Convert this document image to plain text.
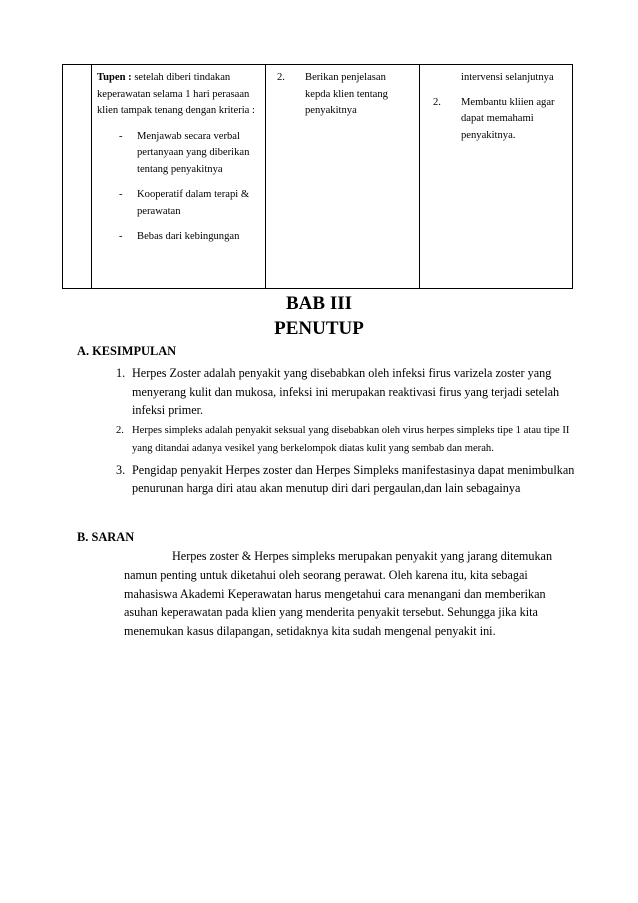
Tupen : setelah diberi tindakan keperawatan selama 1 hari perasaan klien tampak tenang dengan kriteria :
- Menjawab secara verbal pertanyaan yang diberikan tentang penyakitnya
- Kooperatif dalam terapi & perawatan
- Bebas dari kebingungan
2. Berikan penjelasan kepda klien tentang penyakitnya
intervensi selanjutnya
2. Membantu kliien agar dapat memahami penyakitnya.
BAB III
PENUTUP
A. KESIMPULAN
1. Herpes Zoster adalah penyakit yang disebabkan oleh infeksi firus varizela zoster yang menyerang kulit dan mukosa, infeksi ini merupakan reaktivasi firus yang terjadi setelah infeksi primer.
2. Herpes simpleks adalah penyakit seksual yang disebabkan oleh virus herpes simpleks tipe 1 atau tipe II yang ditandai adanya vesikel yang berkelompok diatas kulit yang sembab dan merah.
3. Pengidap penyakit Herpes zoster dan Herpes Simpleks manifestasinya dapat menimbulkan penurunan harga diri atau akan menutup diri dari pergaulan,dan lain sebagainya
B. SARAN
Herpes zoster & Herpes simpleks merupakan penyakit yang jarang ditemukan namun penting untuk diketahui oleh seorang perawat. Oleh karena itu, kita sebagai mahasiswa Akademi Keperawatan harus mengetahui cara menangani dan memberikan asuhan keperawatan pada klien yang menderita penyakit tersebut. Sehungga jika kita menemukan kasus dilapangan, setidaknya kita sudah mengenal penyakit ini.
